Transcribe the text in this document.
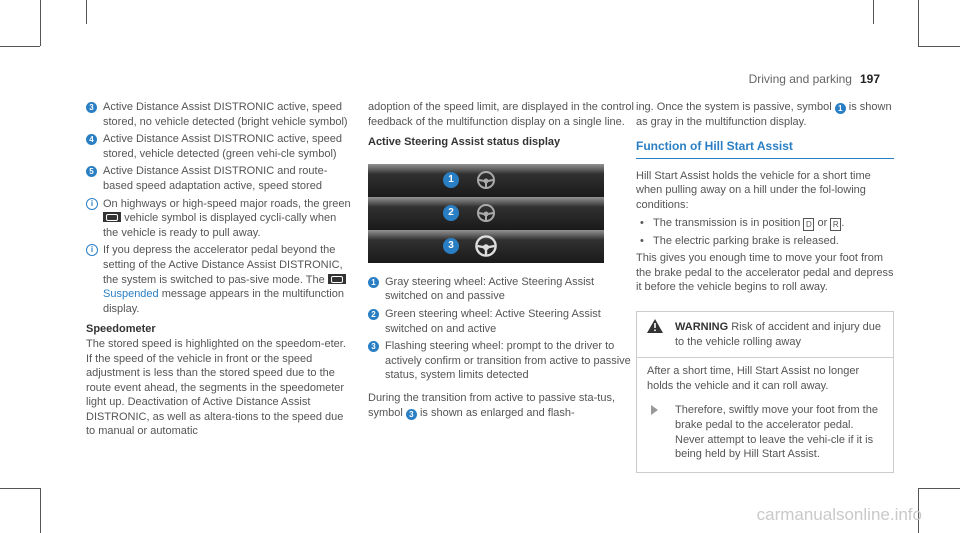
Driving and parking 197
3 Active Distance Assist DISTRONIC active, speed stored, no vehicle detected (bright vehicle symbol)
4 Active Distance Assist DISTRONIC active, speed stored, vehicle detected (green vehi-cle symbol)
5 Active Distance Assist DISTRONIC and route-based speed adaptation active, speed stored
i On highways or high-speed major roads, the green  vehicle symbol is displayed cycli-cally when the vehicle is ready to pull away.
i If you depress the accelerator pedal beyond the setting of the Active Distance Assist DISTRONIC, the system is switched to pas-sive mode. The  Suspended message appears in the multifunction display.
Speedometer
The stored speed is highlighted on the speedom-eter. If the speed of the vehicle in front or the speed adjustment is less than the stored speed due to the route event ahead, the segments in the speedometer light up. Deactivation of Active Distance Assist DISTRONIC, as well as altera-tions to the speed due to manual or automatic
adoption of the speed limit, are displayed in the control feedback of the multifunction display on a single line.
Active Steering Assist status display
1
2
3
1 Gray steering wheel: Active Steering Assist switched on and passive
2 Green steering wheel: Active Steering Assist switched on and active
3 Flashing steering wheel: prompt to the driver to actively confirm or transition from active to passive status, system limits detected
During the transition from active to passive sta-tus, symbol 3 is shown as enlarged and flash-
ing. Once the system is passive, symbol 1 is shown as gray in the multifunction display.
Function of Hill Start Assist
Hill Start Assist holds the vehicle for a short time when pulling away on a hill under the fol-lowing conditions:
• The transmission is in position D or R .
• The electric parking brake is released.
This gives you enough time to move your foot from the brake pedal to the accelerator pedal and depress it before the vehicle begins to roll away.
WARNING Risk of accident and injury due to the vehicle rolling away
After a short time, Hill Start Assist no longer holds the vehicle and it can roll away.
Therefore, swiftly move your foot from the brake pedal to the accelerator pedal. Never attempt to leave the vehi-cle if it is being held by Hill Start Assist.
carmanualsonline.info
